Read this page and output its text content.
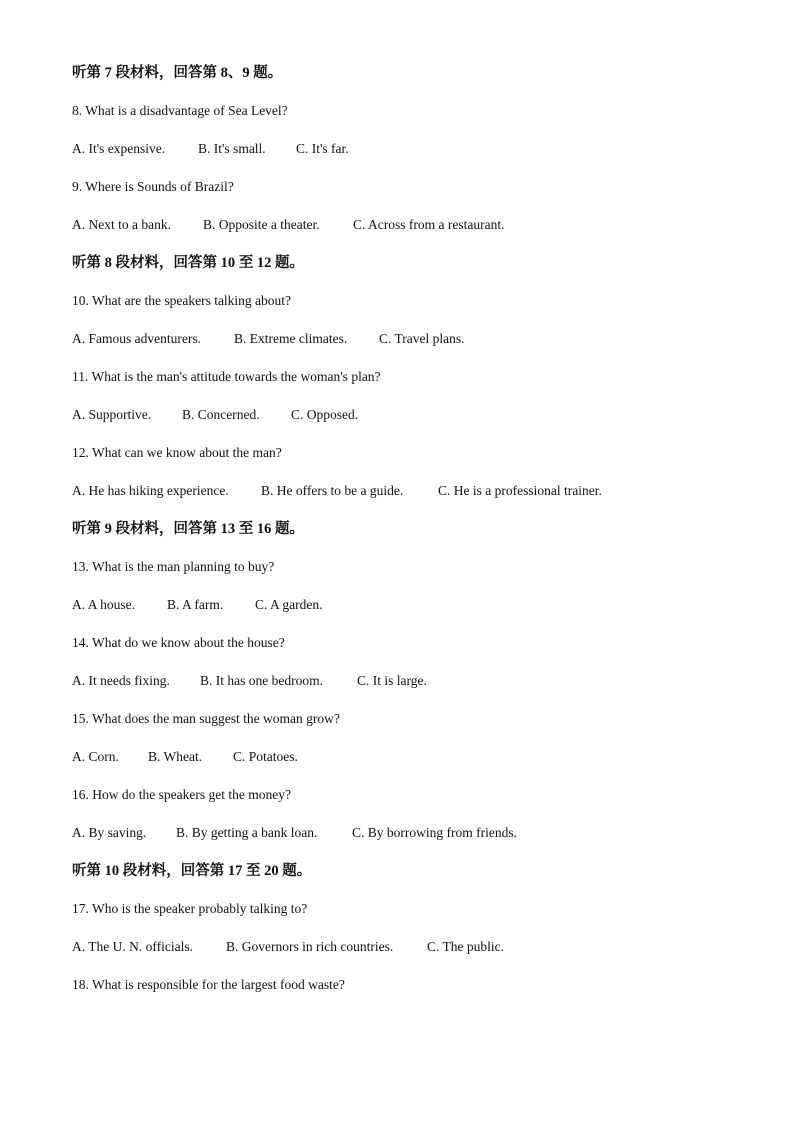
听第 7 段材料，回答第 8、9 题。
8. What is a disadvantage of Sea Level?
A. It's expensive. B. It's small. C. It's far.
9. Where is Sounds of Brazil?
A. Next to a bank. B. Opposite a theater. C. Across from a restaurant.
听第 8 段材料，回答第 10 至 12 题。
10. What are the speakers talking about?
A. Famous adventurers. B. Extreme climates. C. Travel plans.
11. What is the man's attitude towards the woman's plan?
A. Supportive. B. Concerned. C. Opposed.
12. What can we know about the man?
A. He has hiking experience. B. He offers to be a guide.	C. He is a professional trainer.
听第 9 段材料，回答第 13 至 16 题。
13. What is the man planning to buy?
A. A house. B. A farm. C. A garden.
14. What do we know about the house?
A. It needs fixing. B. It has one bedroom.	C. It is large.
15. What does the man suggest the woman grow?
A. Corn. B. Wheat. C. Potatoes.
16. How do the speakers get the money?
A. By saving. B. By getting a bank loan.	C. By borrowing from friends.
听第 10 段材料，回答第 17 至 20 题。
17. Who is the speaker probably talking to?
A. The U. N. officials. B. Governors in rich countries.	C. The public.
18. What is responsible for the largest food waste?
